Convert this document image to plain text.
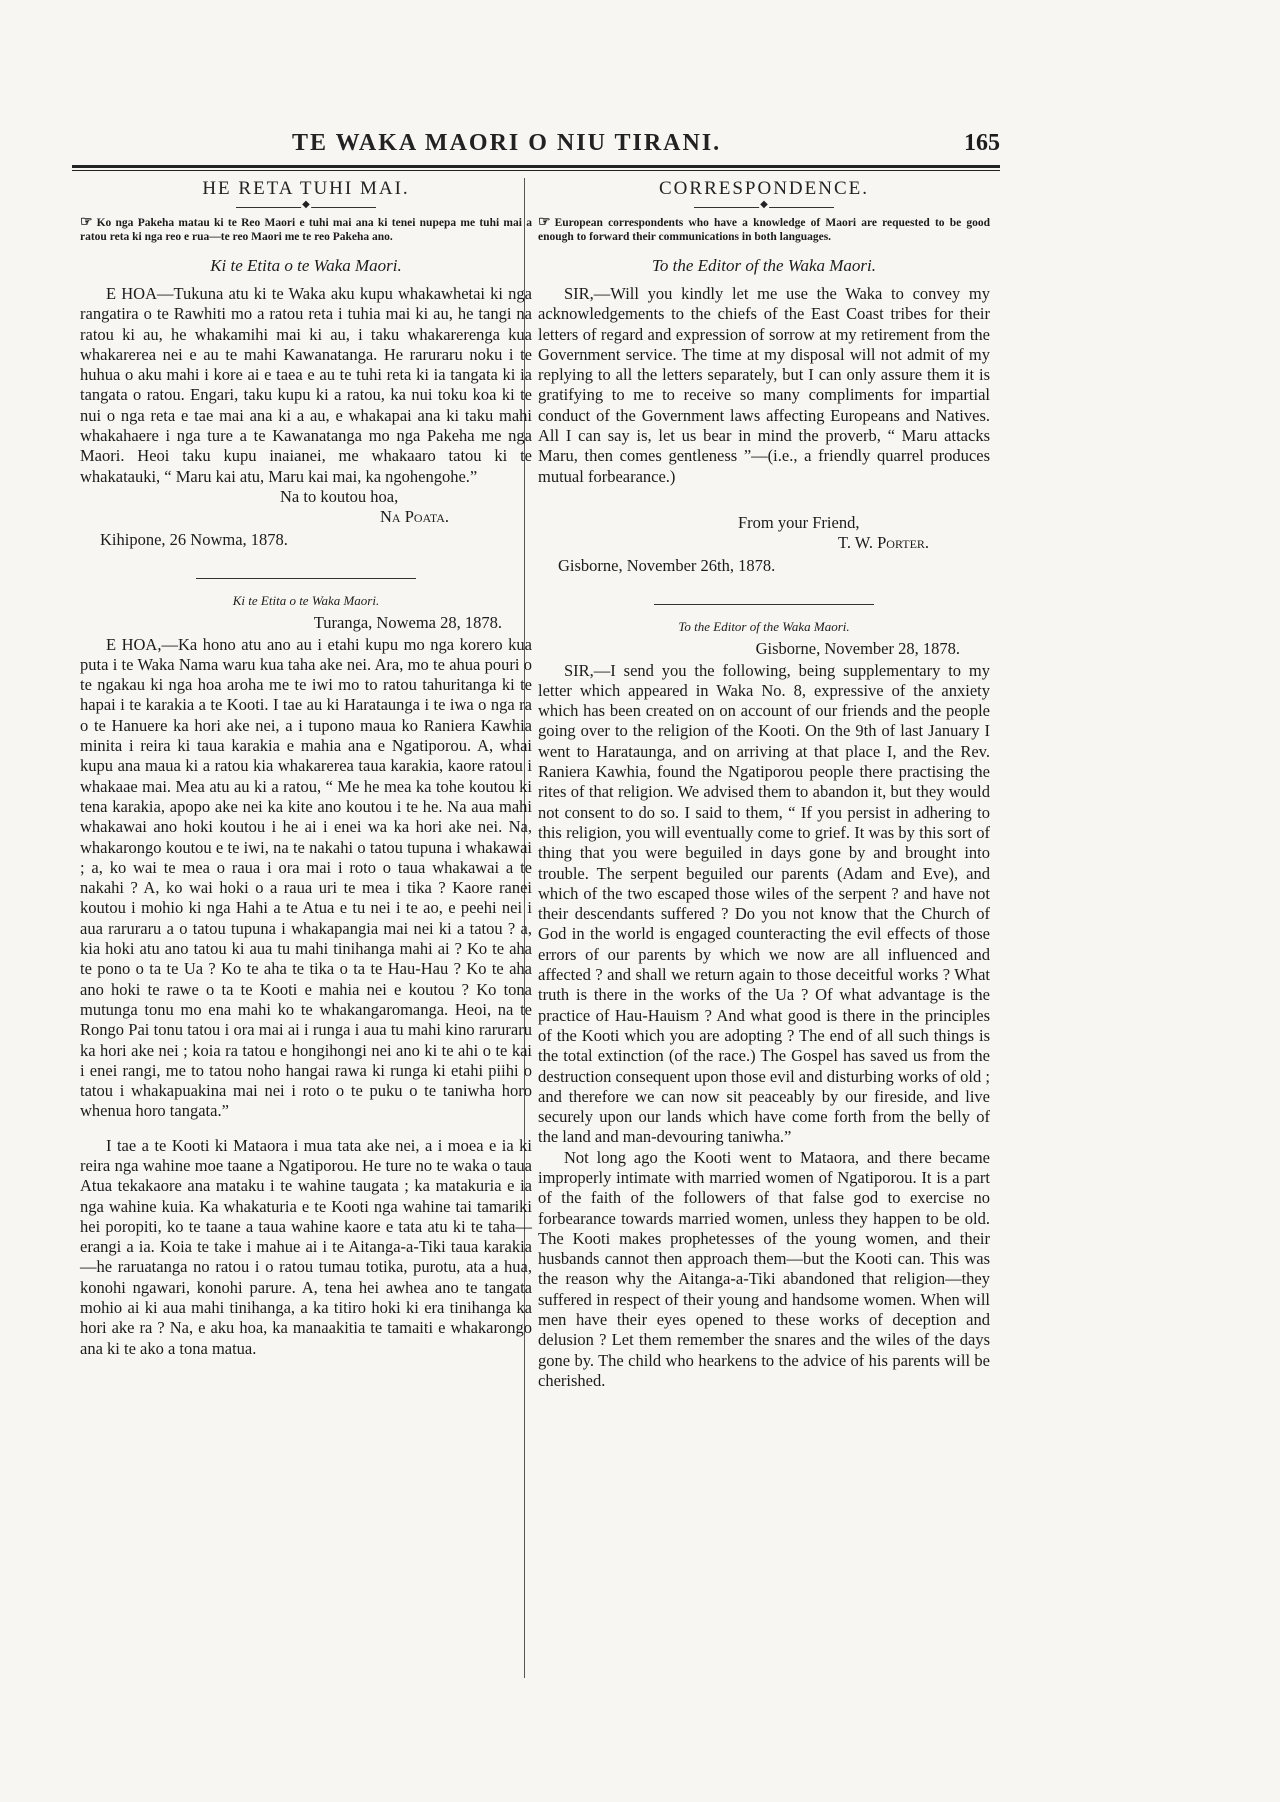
TE WAKA MAORI O NIU TIRANI.	165
HE RETA TUHI MAI.
◆
☞ Ko nga Pakeha matau ki te Reo Maori e tuhi mai ana ki tenei nupepa me tuhi mai a ratou reta ki nga reo e rua—te reo Maori me te reo Pakeha ano.
Ki te Etita o te Waka Maori.

E HOA—Tukuna atu ki te Waka aku kupu whakawhetai ki nga rangatira o te Rawhiti mo a ratou reta i tuhia mai ki au, he tangi na ratou ki au, he whakamihi mai ki au, i taku whakarerenga kua whakarerea nei e au te mahi Kawanatanga. He raruraru noku i te huhua o aku mahi i kore ai e taea e au te tuhi reta ki ia tangata ki ia tangata o ratou. Engari, taku kupu ki a ratou, ka nui toku koa ki te nui o nga reta e tae mai ana ki a au, e whakapai ana ki taku mahi whakahaere i nga ture a te Kawanatanga mo nga Pakeha me nga Maori. Heoi taku kupu inaianei, me whakaaro tatou ki te whakatauki, “ Maru kai atu, Maru kai mai, ka ngohengohe.”

Na to koutou hoa,
Na Poata.
Kihipone, 26 Nowma, 1878.
Ki te Etita o te Waka Maori.
Turanga, Nowema 28, 1878.

E HOA,—Ka hono atu ano au i etahi kupu mo nga korero kua puta i te Waka Nama waru kua taha ake nei. Ara, mo te ahua pouri o te ngakau ki nga hoa aroha me te iwi mo to ratou tahuritanga ki te hapai i te karakia a te Kooti. I tae au ki Harataunga i te iwa o nga ra o te Hanuere ka hori ake nei, a i tupono maua ko Raniera Kawhia minita i reira ki taua karakia e mahia ana e Ngatiporou. A, whai kupu ana maua ki a ratou kia whakarerea taua karakia, kaore ratou i whakaae mai. Mea atu au ki a ratou, “ Me he mea ka tohe koutou ki tena karakia, apopo ake nei ka kite ano koutou i te he. Na aua mahi whakawai ano hoki koutou i he ai i enei wa ka hori ake nei. Na, whakarongo koutou e te iwi, na te nakahi o tatou tupuna i whakawai ; a, ko wai te mea o raua i ora mai i roto o taua whakawai a te nakahi ? A, ko wai hoki o a raua uri te mea i tika ? Kaore ranei koutou i mohio ki nga Hahi a te Atua e tu nei i te ao, e peehi nei i aua raruraru a o tatou tupuna i whakapangia mai nei ki a tatou ? a, kia hoki atu ano tatou ki aua tu mahi tinihanga mahi ai ? Ko te aha te pono o ta te Ua ? Ko te aha te tika o ta te Hau-Hau ? Ko te aha ano hoki te rawe o ta te Kooti e mahia nei e koutou ? Ko tona mutunga tonu mo ena mahi ko te whakangaromanga. Heoi, na te Rongo Pai tonu tatou i ora mai ai i runga i aua tu mahi kino raruraru ka hori ake nei ; koia ra tatou e hongihongi nei ano ki te ahi o te kai i enei rangi, me to tatou noho hangai rawa ki runga ki etahi piihi o tatou i whakapuakina mai nei i roto o te puku o te taniwha horo whenua horo tangata.”

I tae a te Kooti ki Mataora i mua tata ake nei, a i moea e ia ki reira nga wahine moe taane a Ngatiporou. He ture no te waka o taua Atua tekakaore ana mataku i te wahine taugata ; ka matakuria e ia nga wahine kuia. Ka whakaturia e te Kooti nga wahine tai tamariki hei poropiti, ko te taane a taua wahine kaore e tata atu ki te taha—erangi a ia. Koia te take i mahue ai i te Aitanga-a-Tiki taua karakia—he raruatanga no ratou i o ratou tumau totika, purotu, ata a hua, konohi ngawari, konohi parure. A, tena hei awhea ano te tangata mohio ai ki aua mahi tinihanga, a ka titiro hoki ki era tinihanga ka hori ake ra ? Na, e aku hoa, ka manaakitia te tamaiti e whakarongo ana ki te ako a tona matua.

CORRESPONDENCE.
◆
☞ European correspondents who have a knowledge of Maori are requested to be good enough to forward their communications in both languages.
To the Editor of the Waka Maori.

SIR,—Will you kindly let me use the Waka to convey my acknowledgements to the chiefs of the East Coast tribes for their letters of regard and expression of sorrow at my retirement from the Government service. The time at my disposal will not admit of my replying to all the letters separately, but I can only assure them it is gratifying to me to receive so many compliments for impartial conduct of the Government laws affecting Europeans and Natives. All I can say is, let us bear in mind the proverb, “ Maru attacks Maru, then comes gentleness ”—(i.e., a friendly quarrel produces mutual forbearance.)

From your Friend,
T. W. Porter.
Gisborne, November 26th, 1878.
To the Editor of the Waka Maori.
Gisborne, November 28, 1878.

SIR,—I send you the following, being supplementary to my letter which appeared in Waka No. 8, expressive of the anxiety which has been created on on account of our friends and the people going over to the religion of the Kooti. On the 9th of last January I went to Harataunga, and on arriving at that place I, and the Rev. Raniera Kawhia, found the Ngatiporou people there practising the rites of that religion. We advised them to abandon it, but they would not consent to do so. I said to them, “ If you persist in adhering to this religion, you will eventually come to grief. It was by this sort of thing that you were beguiled in days gone by and brought into trouble. The serpent beguiled our parents (Adam and Eve), and which of the two escaped those wiles of the serpent ? and have not their descendants suffered ? Do you not know that the Church of God in the world is engaged counteracting the evil effects of those errors of our parents by which we now are all influenced and affected ? and shall we return again to those deceitful works ? What truth is there in the works of the Ua ? Of what advantage is the practice of Hau-Hauism ? And what good is there in the principles of the Kooti which you are adopting ? The end of all such things is the total extinction (of the race.) The Gospel has saved us from the destruction consequent upon those evil and disturbing works of old ; and therefore we can now sit peaceably by our fireside, and live securely upon our lands which have come forth from the belly of the land and man-devouring taniwha.”

Not long ago the Kooti went to Mataora, and there became improperly intimate with married women of Ngatiporou. It is a part of the faith of the followers of that false god to exercise no forbearance towards married women, unless they happen to be old. The Kooti makes prophetesses of the young women, and their husbands cannot then approach them—but the Kooti can. This was the reason why the Aitanga-a-Tiki abandoned that religion—they suffered in respect of their young and handsome women. When will men have their eyes opened to these works of deception and delusion ? Let them remember the snares and the wiles of the days gone by. The child who hearkens to the advice of his parents will be cherished.
